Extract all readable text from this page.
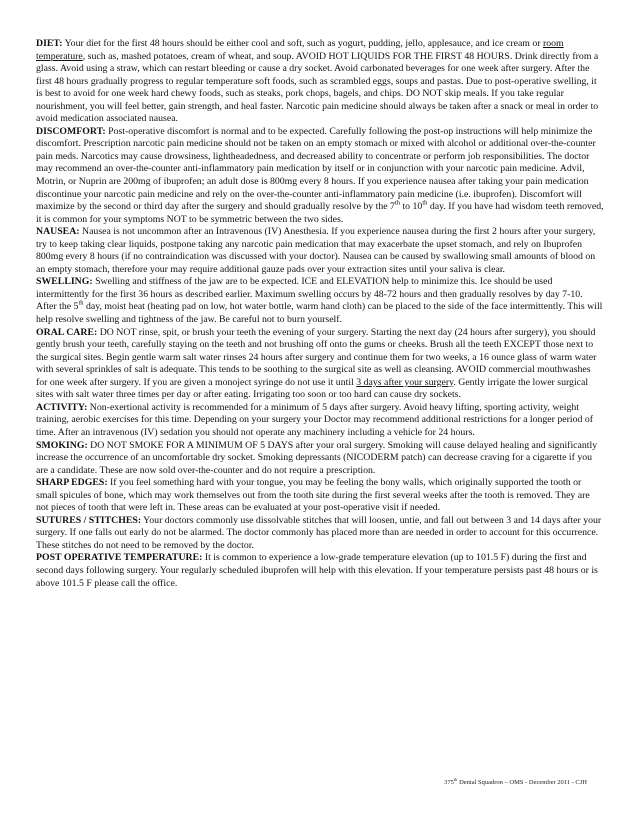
DIET: Your diet for the first 48 hours should be either cool and soft, such as yogurt, pudding, jello, applesauce, and ice cream or room temperature, such as, mashed potatoes, cream of wheat, and soup. AVOID HOT LIQUIDS FOR THE FIRST 48 HOURS. Drink directly from a glass. Avoid using a straw, which can restart bleeding or cause a dry socket. Avoid carbonated beverages for one week after surgery. After the first 48 hours gradually progress to regular temperature soft foods, such as scrambled eggs, soups and pastas. Due to post-operative swelling, it is best to avoid for one week hard chewy foods, such as steaks, pork chops, bagels, and chips. DO NOT skip meals. If you take regular nourishment, you will feel better, gain strength, and heal faster. Narcotic pain medicine should always be taken after a snack or meal in order to avoid medication associated nausea.

DISCOMFORT: Post-operative discomfort is normal and to be expected. Carefully following the post-op instructions will help minimize the discomfort. Prescription narcotic pain medicine should not be taken on an empty stomach or mixed with alcohol or additional over-the-counter pain meds. Narcotics may cause drowsiness, lightheadedness, and decreased ability to concentrate or perform job responsibilities. The doctor may recommend an over-the-counter anti-inflammatory pain medication by itself or in conjunction with your narcotic pain medicine. Advil, Motrin, or Nuprin are 200mg of ibuprofen; an adult dose is 800mg every 8 hours. If you experience nausea after taking your pain medication discontinue your narcotic pain medicine and rely on the over-the-counter anti-inflammatory pain medicine (i.e. ibuprofen). Discomfort will maximize by the second or third day after the surgery and should gradually resolve by the 7th to 10th day. If you have had wisdom teeth removed, it is common for your symptoms NOT to be symmetric between the two sides.

NAUSEA: Nausea is not uncommon after an Intravenous (IV) Anesthesia. If you experience nausea during the first 2 hours after your surgery, try to keep taking clear liquids, postpone taking any narcotic pain medication that may exacerbate the upset stomach, and rely on Ibuprofen 800mg every 8 hours (if no contraindication was discussed with your doctor). Nausea can be caused by swallowing small amounts of blood on an empty stomach, therefore your may require additional gauze pads over your extraction sites until your saliva is clear.

SWELLING: Swelling and stiffness of the jaw are to be expected. ICE and ELEVATION help to minimize this. Ice should be used intermittently for the first 36 hours as described earlier. Maximum swelling occurs by 48-72 hours and then gradually resolves by day 7-10. After the 5th day, moist heat (heating pad on low, hot water bottle, warm hand cloth) can be placed to the side of the face intermittently. This will help resolve swelling and tightness of the jaw. Be careful not to burn yourself.

ORAL CARE: DO NOT rinse, spit, or brush your teeth the evening of your surgery. Starting the next day (24 hours after surgery), you should gently brush your teeth, carefully staying on the teeth and not brushing off onto the gums or cheeks. Brush all the teeth EXCEPT those next to the surgical sites. Begin gentle warm salt water rinses 24 hours after surgery and continue them for two weeks, a 16 ounce glass of warm water with several sprinkles of salt is adequate. This tends to be soothing to the surgical site as well as cleansing. AVOID commercial mouthwashes for one week after surgery. If you are given a monoject syringe do not use it until 3 days after your surgery. Gently irrigate the lower surgical sites with salt water three times per day or after eating. Irrigating too soon or too hard can cause dry sockets.

ACTIVITY: Non-exertional activity is recommended for a minimum of 5 days after surgery. Avoid heavy lifting, sporting activity, weight training, aerobic exercises for this time. Depending on your surgery your Doctor may recommend additional restrictions for a longer period of time. After an intravenous (IV) sedation you should not operate any machinery including a vehicle for 24 hours.

SMOKING: DO NOT SMOKE FOR A MINIMUM OF 5 DAYS after your oral surgery. Smoking will cause delayed healing and significantly increase the occurrence of an uncomfortable dry socket. Smoking depressants (NICODERM patch) can decrease craving for a cigarette if you are a candidate. These are now sold over-the-counter and do not require a prescription.

SHARP EDGES: If you feel something hard with your tongue, you may be feeling the bony walls, which originally supported the tooth or small spicules of bone, which may work themselves out from the tooth site during the first several weeks after the tooth is removed. They are not pieces of tooth that were left in. These areas can be evaluated at your post-operative visit if needed.

SUTURES / STITCHES: Your doctors commonly use dissolvable stitches that will loosen, untie, and fall out between 3 and 14 days after your surgery. If one falls out early do not be alarmed. The doctor commonly has placed more than are needed in order to account for this occurrence. These stitches do not need to be removed by the doctor.

POST OPERATIVE TEMPERATURE: It is common to experience a low-grade temperature elevation (up to 101.5 F) during the first and second days following surgery. Your regularly scheduled ibuprofen will help with this elevation. If your temperature persists past 48 hours or is above 101.5 F please call the office.

375th Dental Squadron – OMS - December 2011 - CJH
